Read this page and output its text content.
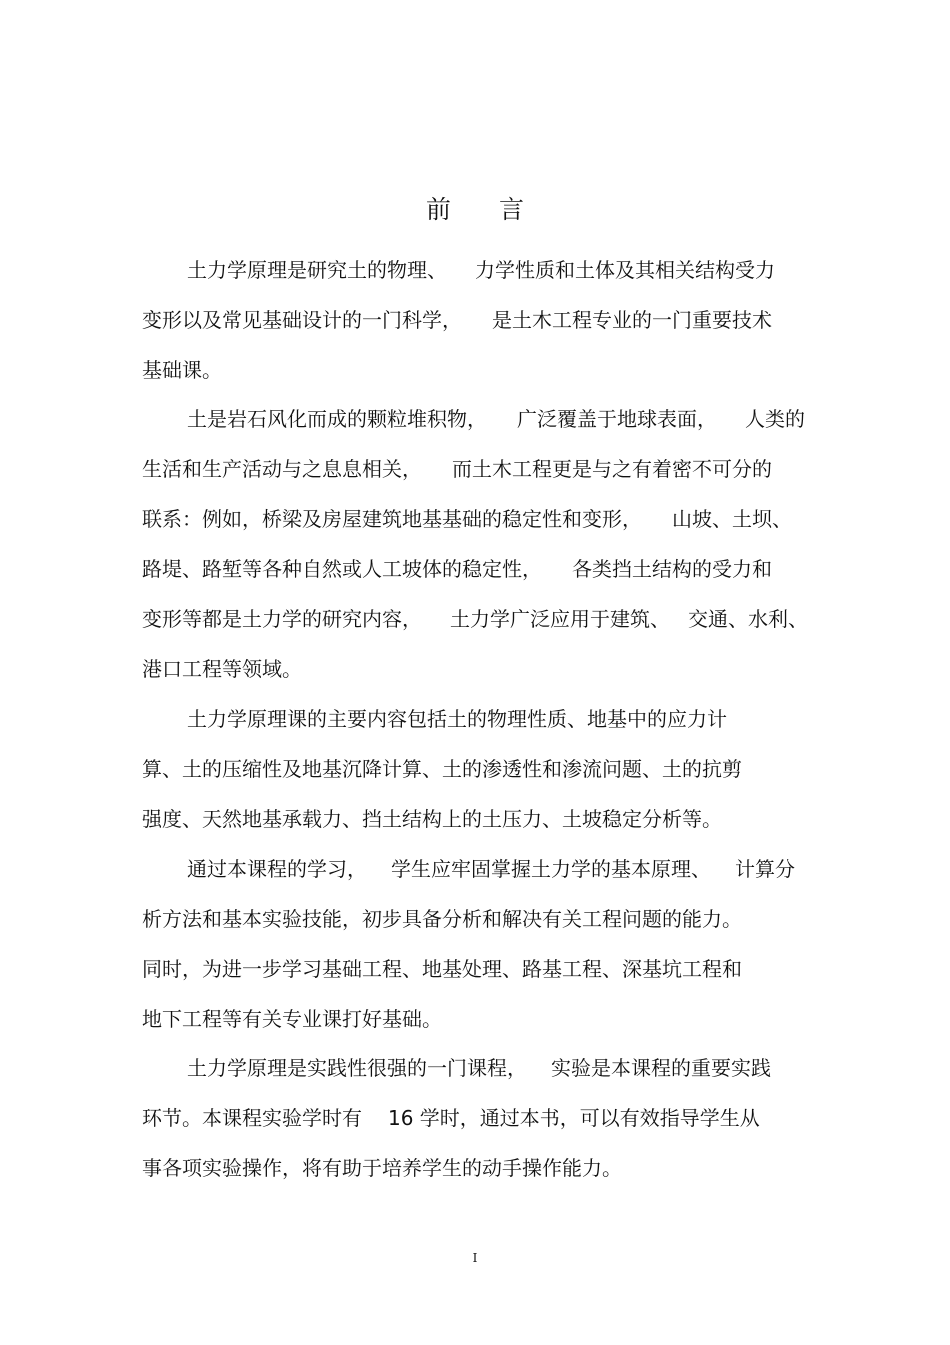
前 言
土力学原理是研究土的物理、 力学性质和土体及其相关结构受力
变形以及常见基础设计的一门科学， 是土木工程专业的一门重要技术
基础课。
土是岩石风化而成的颗粒堆积物， 广泛覆盖于地球表面， 人类的
生活和生产活动与之息息相关， 而土木工程更是与之有着密不可分的
联系：例如，桥梁及房屋建筑地基基础的稳定性和变形， 山坡、土坝、
路堤、路堑等各种自然或人工坡体的稳定性， 各类挡土结构的受力和
变形等都是土力学的研究内容， 土力学广泛应用于建筑、 交通、水利、
港口工程等领域。
土力学原理课的主要内容包括土的物理性质、地基中的应力计
算、土的压缩性及地基沉降计算、土的渗透性和渗流问题、土的抗剪
强度、天然地基承载力、挡土结构上的土压力、土坡稳定分析等。
通过本课程的学习， 学生应牢固掌握土力学的基本原理、 计算分
析方法和基本实验技能，初步具备分析和解决有关工程问题的能力。
同时，为进一步学习基础工程、地基处理、路基工程、深基坑工程和
地下工程等有关专业课打好基础。
土力学原理是实践性很强的一门课程， 实验是本课程的重要实践
环节。本课程实验学时有 16 学时，通过本书，可以有效指导学生从
事各项实验操作，将有助于培养学生的动手操作能力。
I
